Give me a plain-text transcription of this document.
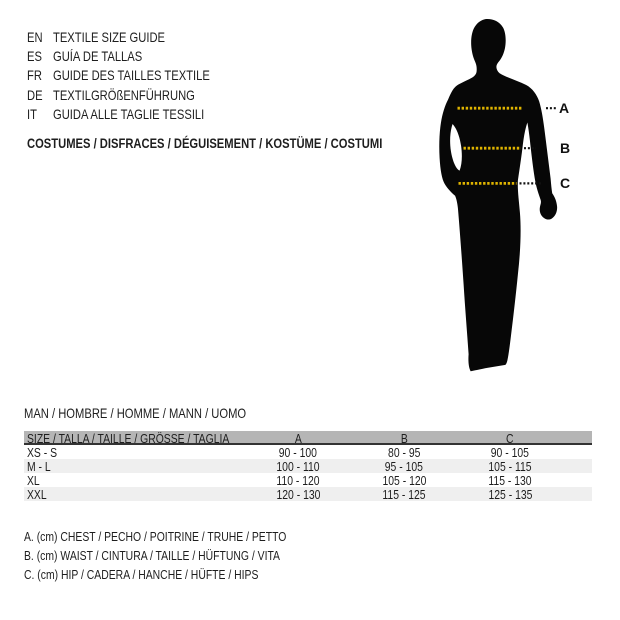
EN TEXTILE SIZE GUIDE
ES GUÍA DE TALLAS
FR GUIDE DES TAILLES TEXTILE
DE TEXTILGRÖßENFÜHRUNG
IT GUIDA ALLE TAGLIE TESSILI
COSTUMES / DISFRACES / DÉGUISEMENT / KOSTÜME / COSTUMI
A
B
C
MAN / HOMBRE / HOMME / MANN / UOMO
SIZE / TALLA / TAILLE / GRÖSSE / TAGLIA	A	B	C
XS - S	90 - 100	80 - 95	90 - 105
M - L	100 - 110	95 - 105	105 - 115
XL	110 - 120	105 - 120	115 - 130
XXL	120 - 130	115 - 125	125 - 135
A. (cm) CHEST / PECHO / POITRINE / TRUHE / PETTO
B. (cm) WAIST / CINTURA / TAILLE / HÜFTUNG / VITA
C. (cm) HIP / CADERA / HANCHE / HÜFTE / HIPS
